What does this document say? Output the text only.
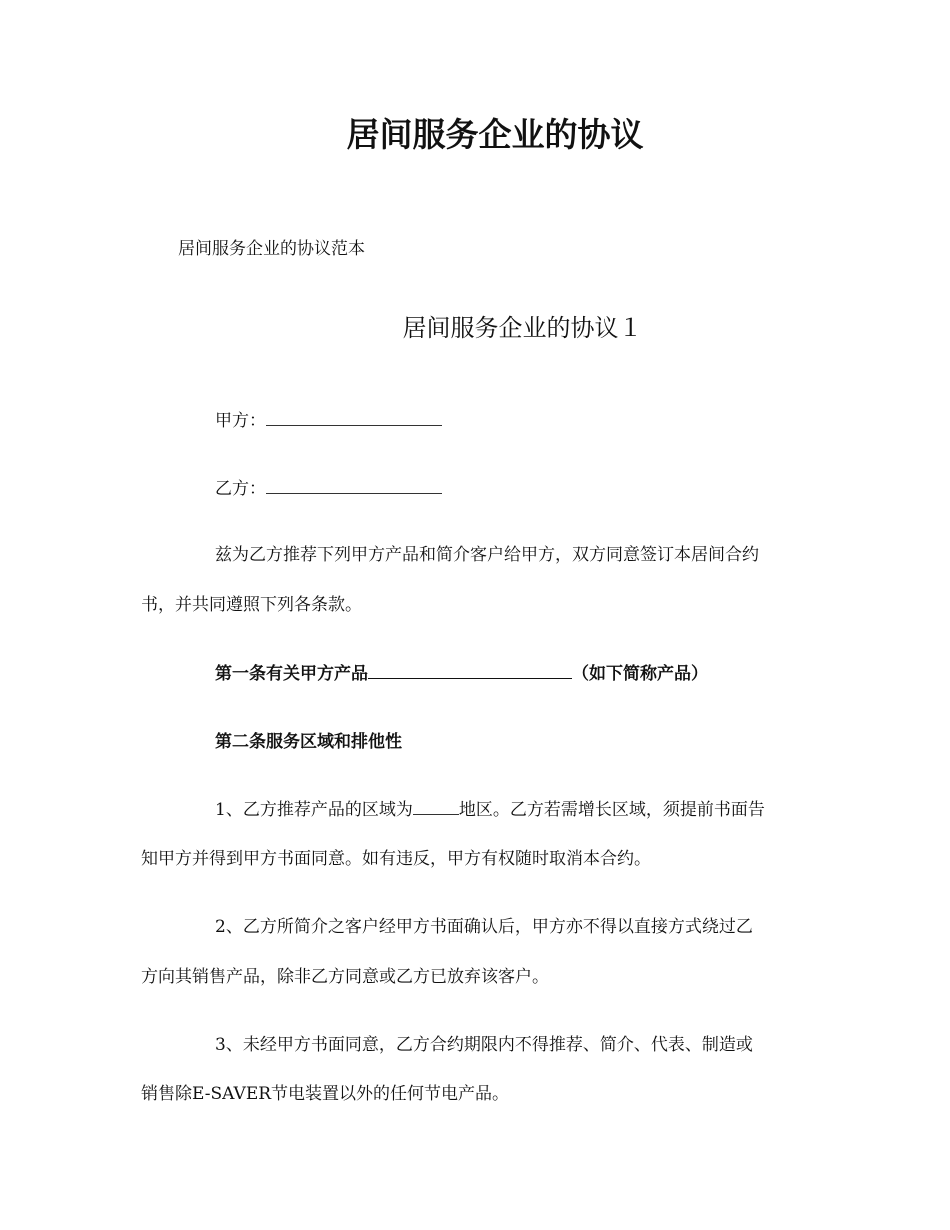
居间服务企业的协议
居间服务企业的协议范本
居间服务企业的协议１
甲方：
乙方：
兹为乙方推荐下列甲方产品和简介客户给甲方，双方同意签订本居间合约
书，并共同遵照下列各条款。
第一条有关甲方产品	（如下简称产品）
第二条服务区域和排他性
1、乙方推荐产品的区域为	地区。乙方若需增长区域，须提前书面告
知甲方并得到甲方书面同意。如有违反，甲方有权随时取消本合约。
2、乙方所简介之客户经甲方书面确认后，甲方亦不得以直接方式绕过乙
方向其销售产品，除非乙方同意或乙方已放弃该客户。
3、未经甲方书面同意，乙方合约期限内不得推荐、简介、代表、制造或
销售除E-SAVER节电装置以外的任何节电产品。
